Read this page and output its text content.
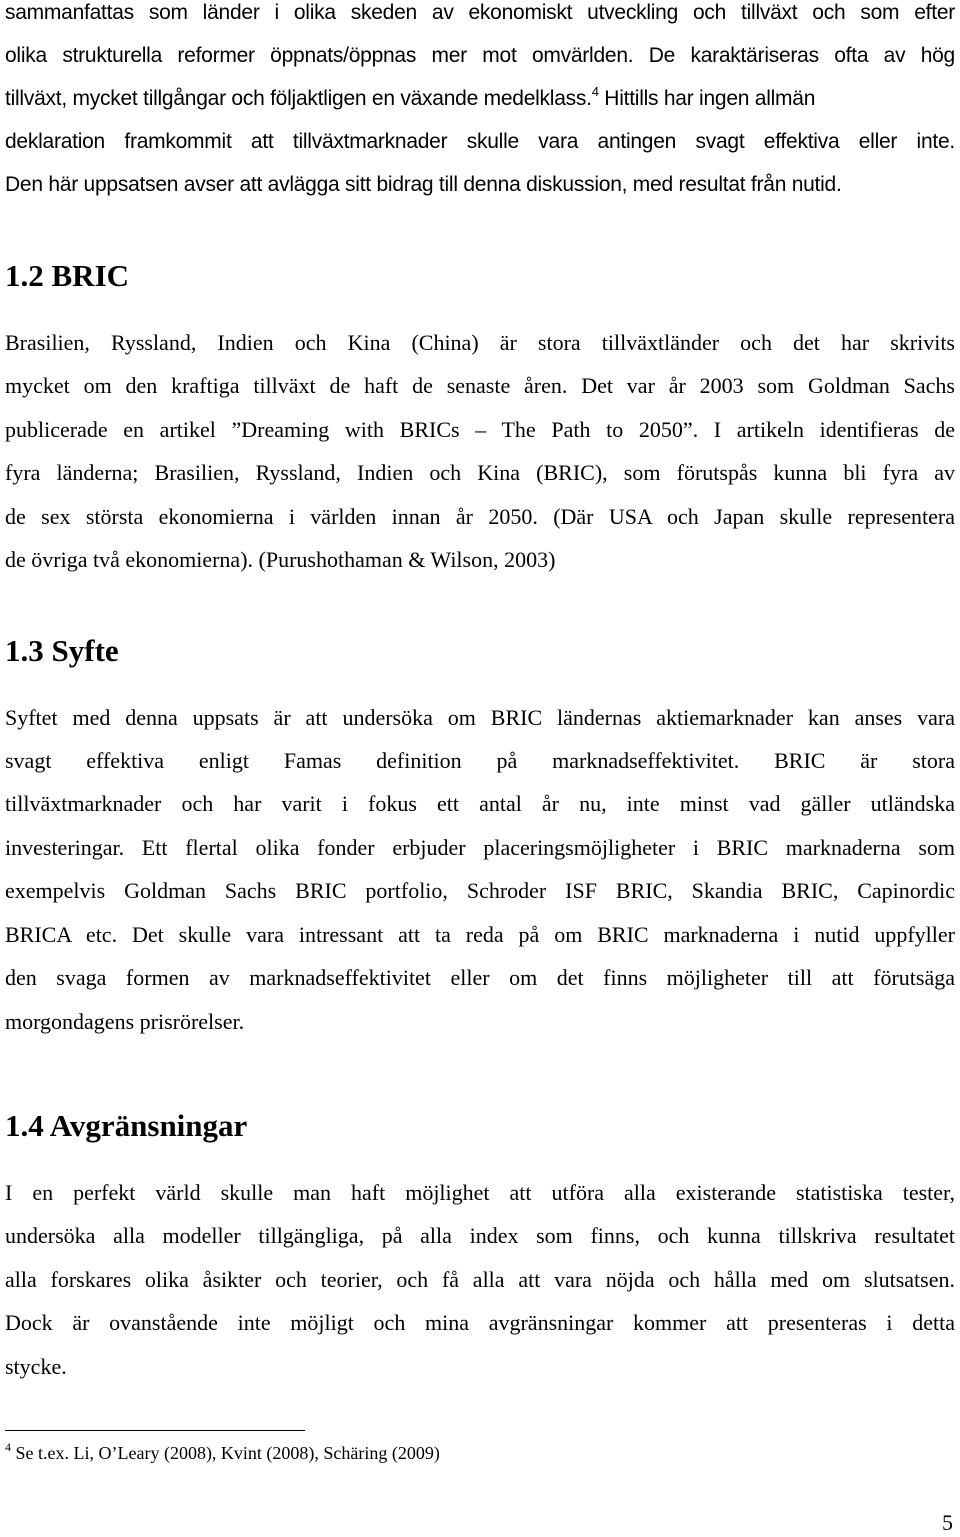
sammanfattas som länder i olika skeden av ekonomiskt utveckling och tillväxt och som efter

olika strukturella reformer öppnats/öppnas mer mot omvärlden. De karaktäriseras ofta av hög

tillväxt, mycket tillgångar och följaktligen en växande medelklass.$^4$ Hittills har ingen allmän

deklaration framkommit att tillväxtmarknader skulle vara antingen svagt effektiva eller inte.

Den här uppsatsen avser att avlägga sitt bidrag till denna diskussion, med resultat från nutid.

1.2 BRIC

Brasilien, Ryssland, Indien och Kina (China) är stora tillväxtländer och det har skrivits

mycket om den kraftiga tillväxt de haft de senaste åren. Det var år 2003 som Goldman Sachs

publicerade en artikel ”Dreaming with BRICs – The Path to 2050”. I artikeln identifieras de

fyra länderna; Brasilien, Ryssland, Indien och Kina (BRIC), som förutspås kunna bli fyra av

de sex största ekonomierna i världen innan år 2050. (Där USA och Japan skulle representera

de övriga två ekonomierna). (Purushothaman & Wilson, 2003)

1.3 Syfte

Syftet med denna uppsats är att undersöka om BRIC ländernas aktiemarknader kan anses vara

svagt effektiva enligt Famas definition på marknadseffektivitet. BRIC är stora

tillväxtmarknader och har varit i fokus ett antal år nu, inte minst vad gäller utländska

investeringar. Ett flertal olika fonder erbjuder placeringsmöjligheter i BRIC marknaderna som

exempelvis Goldman Sachs BRIC portfolio, Schroder ISF BRIC, Skandia BRIC, Capinordic

BRICA etc. Det skulle vara intressant att ta reda på om BRIC marknaderna i nutid uppfyller

den svaga formen av marknadseffektivitet eller om det finns möjligheter till att förutsäga

morgondagens prisrörelser.

1.4 Avgränsningar

I en perfekt värld skulle man haft möjlighet att utföra alla existerande statistiska tester,

undersöka alla modeller tillgängliga, på alla index som finns, och kunna tillskriva resultatet

alla forskares olika åsikter och teorier, och få alla att vara nöjda och hålla med om slutsatsen.

Dock är ovanstående inte möjligt och mina avgränsningar kommer att presenteras i detta

stycke.

$^4$ Se t.ex. Li, O’Leary (2008), Kvint (2008), Schäring (2009)
5
